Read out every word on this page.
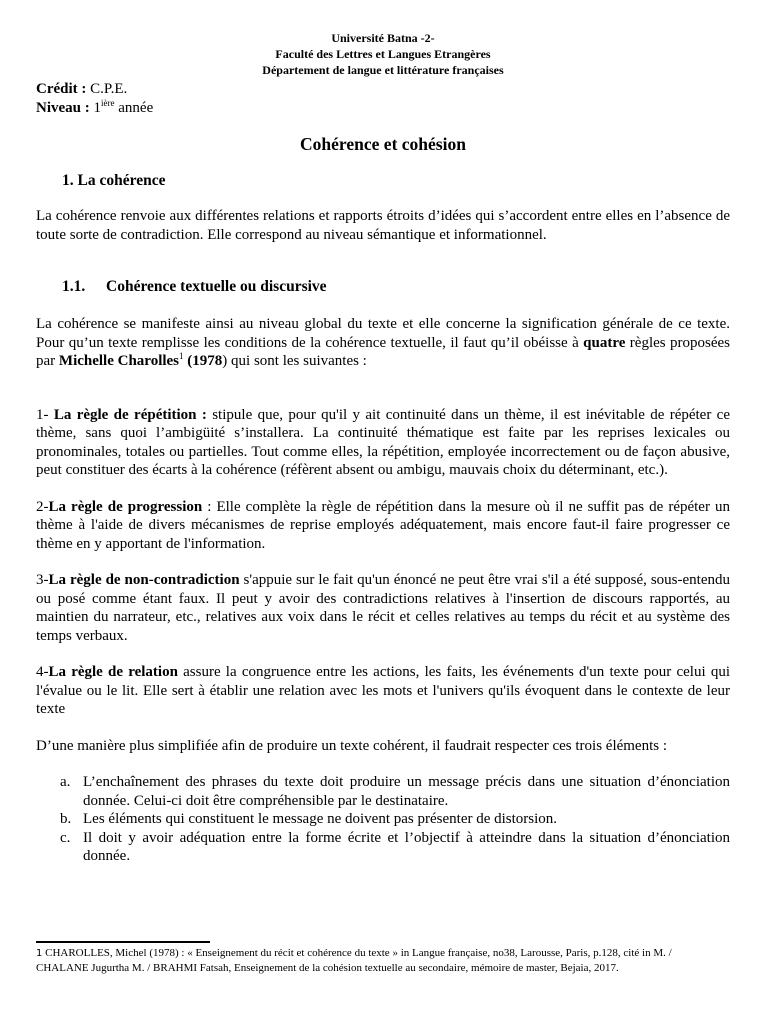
Université Batna -2-
Faculté des Lettres et Langues Etrangères
Département de langue et littérature françaises
Crédit : C.P.E.
Niveau : $1^{ière}$ année
Cohérence et cohésion
1. La cohérence

La cohérence renvoie aux différentes relations et rapports étroits d’idées qui s’accordent entre elles en l’absence de toute sorte de contradiction. Elle correspond au niveau sémantique et informationnel.

1.1. Cohérence textuelle ou discursive

La cohérence se manifeste ainsi au niveau global du texte et elle concerne la signification générale de ce texte. Pour qu’un texte remplisse les conditions de la cohérence textuelle, il faut qu’il obéisse à quatre règles proposées par Michelle Charolles$^1$ (1978) qui sont les suivantes :

1- La règle de répétition : stipule que, pour qu'il y ait continuité dans un thème, il est inévitable de répéter ce thème, sans quoi l’ambigüité s’installera. La continuité thématique est faite par les reprises lexicales ou pronominales, totales ou partielles. Tout comme elles, la répétition, employée incorrectement ou de façon abusive, peut constituer des écarts à la cohérence (réfèrent absent ou ambigu, mauvais choix du déterminant, etc.).

2-La règle de progression : Elle complète la règle de répétition dans la mesure où il ne suffit pas de répéter un thème à l'aide de divers mécanismes de reprise employés adéquatement, mais encore faut-il faire progresser ce thème en y apportant de l'information.

3-La règle de non-contradiction s'appuie sur le fait qu'un énoncé ne peut être vrai s'il a été supposé, sous-entendu ou posé comme étant faux. Il peut y avoir des contradictions relatives à l'insertion de discours rapportés, au maintien du narrateur, etc., relatives aux voix dans le récit et celles relatives au temps du récit et au système des temps verbaux.

4-La règle de relation assure la congruence entre les actions, les faits, les événements d'un texte pour celui qui l'évalue ou le lit. Elle sert à établir une relation avec les mots et l'univers qu'ils évoquent dans le contexte de leur texte

D’une manière plus simplifiée afin de produire un texte cohérent, il faudrait respecter ces trois éléments :

a. L’enchaînement des phrases du texte doit produire un message précis dans une situation d’énonciation donnée. Celui-ci doit être compréhensible par le destinataire.
b. Les éléments qui constituent le message ne doivent pas présenter de distorsion.
c. Il doit y avoir adéquation entre la forme écrite et l’objectif à atteindre dans la situation d’énonciation donnée.
1 CHAROLLES, Michel (1978) : « Enseignement du récit et cohérence du texte » in Langue française, no38, Larousse, Paris, p.128, cité in M. / CHALANE Jugurtha M. / BRAHMI Fatsah, Enseignement de la cohésion textuelle au secondaire, mémoire de master, Bejaia, 2017.
